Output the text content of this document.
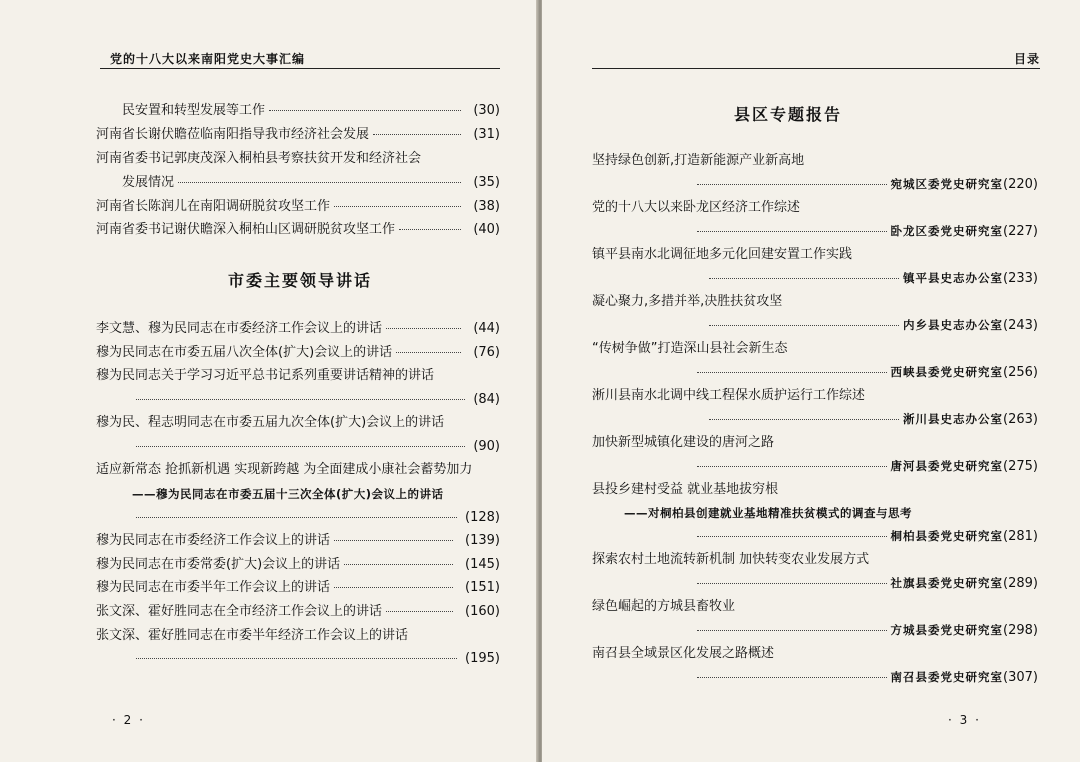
党的十八大以来南阳党史大事汇编
民安置和转型发展等工作	(30)
河南省长谢伏瞻莅临南阳指导我市经济社会发展	(31)
河南省委书记郭庚茂深入桐柏县考察扶贫开发和经济社会
发展情况	(35)
河南省长陈润儿在南阳调研脱贫攻坚工作	(38)
河南省委书记谢伏瞻深入桐柏山区调研脱贫攻坚工作	(40)
市委主要领导讲话
李文慧、穆为民同志在市委经济工作会议上的讲话	(44)
穆为民同志在市委五届八次全体(扩大)会议上的讲话	(76)
穆为民同志关于学习习近平总书记系列重要讲话精神的讲话
(84)
穆为民、程志明同志在市委五届九次全体(扩大)会议上的讲话
(90)
适应新常态 抢抓新机遇 实现新跨越 为全面建成小康社会蓄势加力
——穆为民同志在市委五届十三次全体(扩大)会议上的讲话
(128)
穆为民同志在市委经济工作会议上的讲话	(139)
穆为民同志在市委常委(扩大)会议上的讲话	(145)
穆为民同志在市委半年工作会议上的讲话	(151)
张文深、霍好胜同志在全市经济工作会议上的讲话	(160)
张文深、霍好胜同志在市委半年经济工作会议上的讲话
(195)
· 2 ·
目录
县区专题报告
坚持绿色创新,打造新能源产业新高地
宛城区委党史研究室(220)
党的十八大以来卧龙区经济工作综述
卧龙区委党史研究室(227)
镇平县南水北调征地多元化回建安置工作实践
镇平县史志办公室(233)
凝心聚力,多措并举,决胜扶贫攻坚
内乡县史志办公室(243)
“传树争做”打造深山县社会新生态
西峡县委党史研究室(256)
淅川县南水北调中线工程保水质护运行工作综述
淅川县史志办公室(263)
加快新型城镇化建设的唐河之路
唐河县委党史研究室(275)
县投乡建村受益 就业基地拔穷根
——对桐柏县创建就业基地精准扶贫模式的调查与思考
桐柏县委党史研究室(281)
探索农村土地流转新机制 加快转变农业发展方式
社旗县委党史研究室(289)
绿色崛起的方城县畜牧业
方城县委党史研究室(298)
南召县全域景区化发展之路概述
南召县委党史研究室(307)
· 3 ·
